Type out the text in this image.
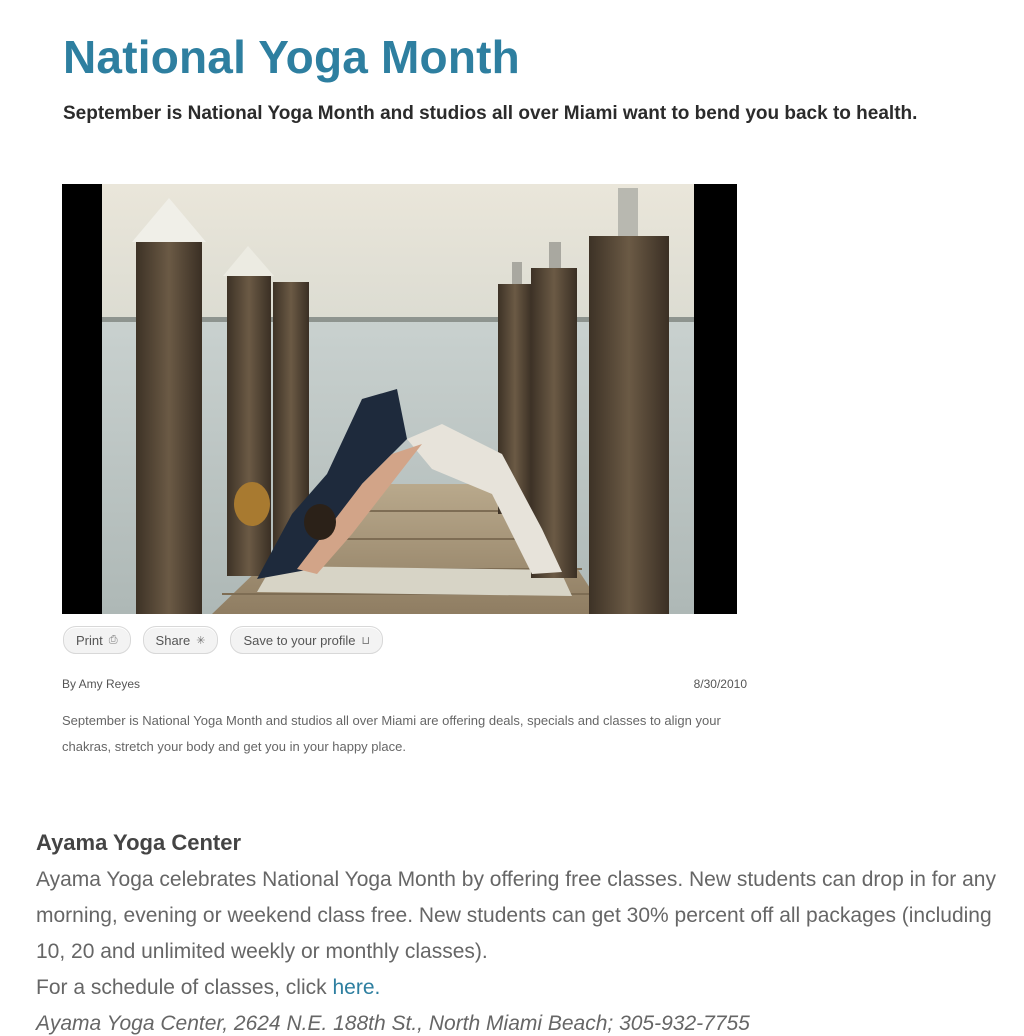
National Yoga Month

September is National Yoga Month and studios all over Miami want to bend you back to health.

Print ⎙	Share ✳	Save to your profile ⊔
By Amy Reyes	8/30/2010

September is National Yoga Month and studios all over Miami are offering deals, specials and classes to align your chakras, stretch your body and get you in your happy place.

Ayama Yoga Center

Ayama Yoga celebrates National Yoga Month by offering free classes. New students can drop in for any morning, evening or weekend class free. New students can get 30% percent off all packages (including 10, 20 and unlimited weekly or monthly classes).
For a schedule of classes, click here.

Ayama Yoga Center, 2624 N.E. 188th St., North Miami Beach; 305-932-7755
